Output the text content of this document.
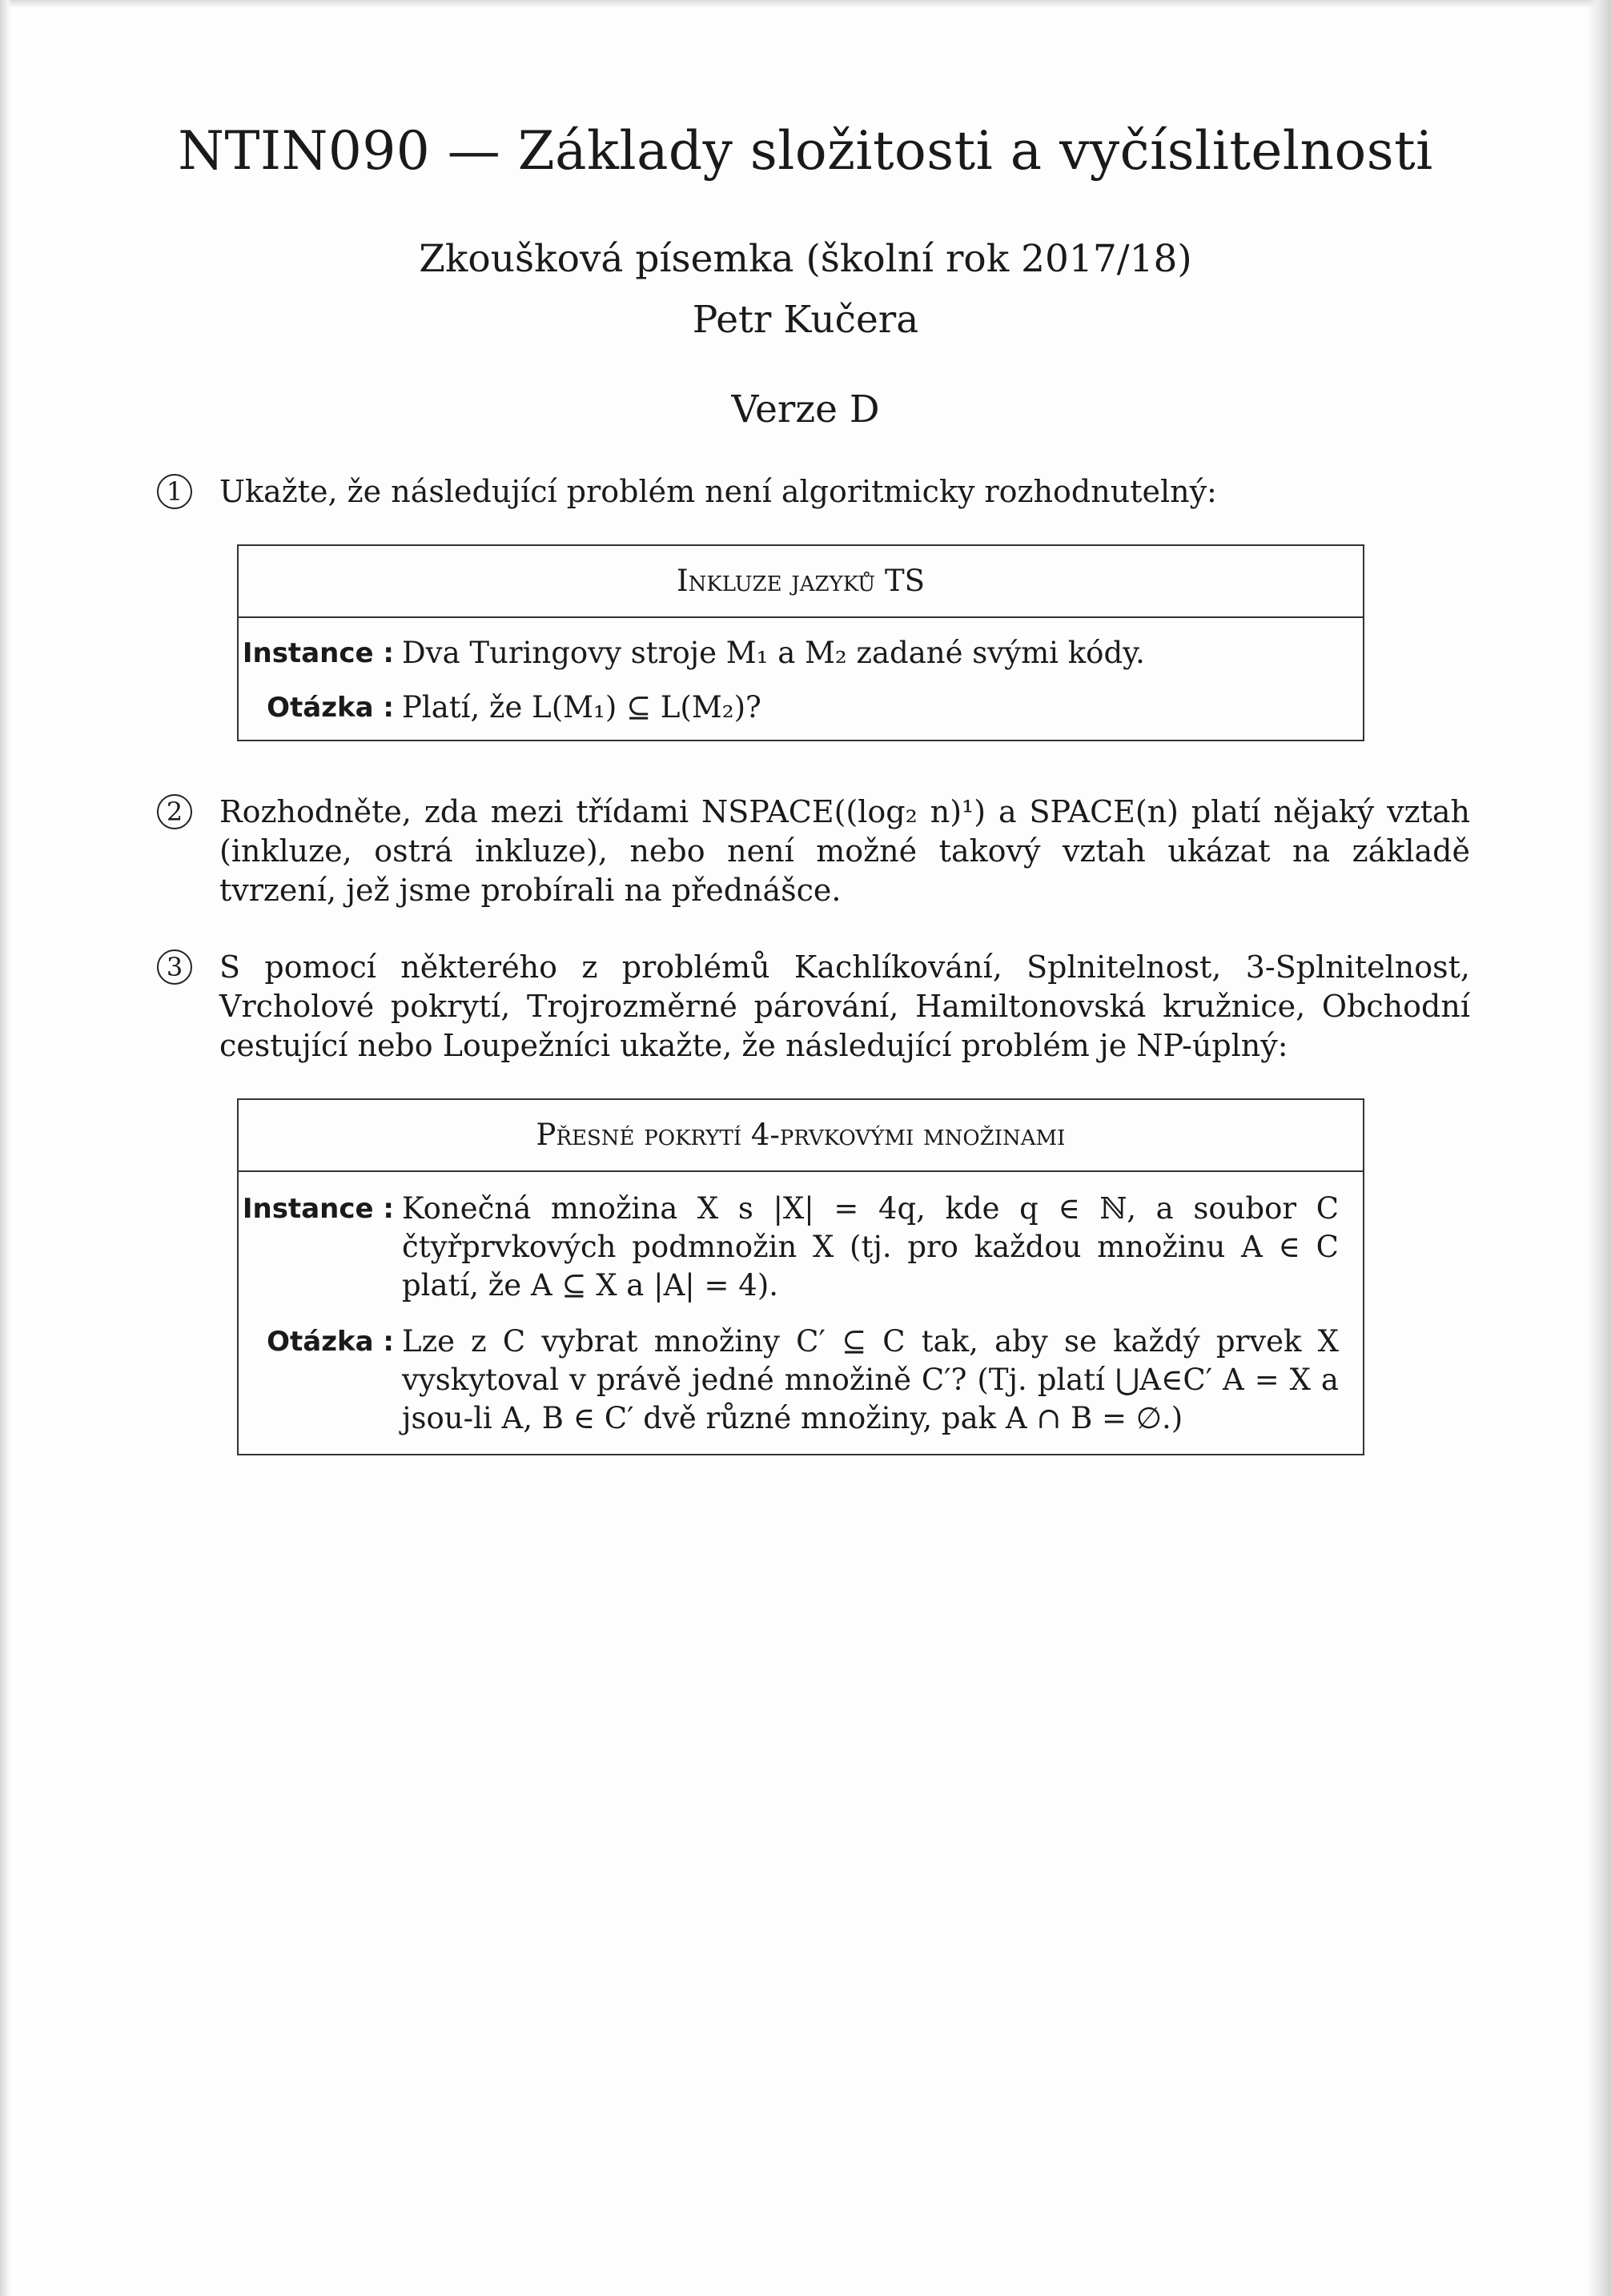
NTIN090 — Základy složitosti a vyčíslitelnosti
Zkoušková písemka (školní rok 2017/18)
Petr Kučera
Verze D
1	Ukažte, že následující problém není algoritmicky rozhodnutelný:
Inkluze jazyků TS
Instance :	Dva Turingovy stroje M₁ a M₂ zadané svými kódy.
Otázka :	Platí, že L(M₁) ⊆ L(M₂)?
2	Rozhodněte, zda mezi třídami NSPACE((log₂ n)¹) a SPACE(n) platí nějaký vztah (inkluze, ostrá inkluze), nebo není možné takový vztah ukázat na základě tvrzení, jež jsme probírali na přednášce.
3	S pomocí některého z problémů Kachlíkování, Splnitelnost, 3-Splnitelnost, Vrcholové pokrytí, Trojrozměrné párování, Hamiltonovská kružnice, Obchodní cestující nebo Loupežníci ukažte, že následující problém je NP-úplný:
Přesné pokrytí 4-prvkovými množinami
Instance :	Konečná množina X s |X| = 4q, kde q ∈ ℕ, a soubor C čtyřprvkových podmnožin X (tj. pro každou množinu A ∈ C platí, že A ⊆ X a |A| = 4).
Otázka :	Lze z C vybrat množiny C′ ⊆ C tak, aby se každý prvek X vyskytoval v právě jedné množině C′? (Tj. platí ⋃A∈C′ A = X a jsou-li A, B ∈ C′ dvě různé množiny, pak A ∩ B = ∅.)
